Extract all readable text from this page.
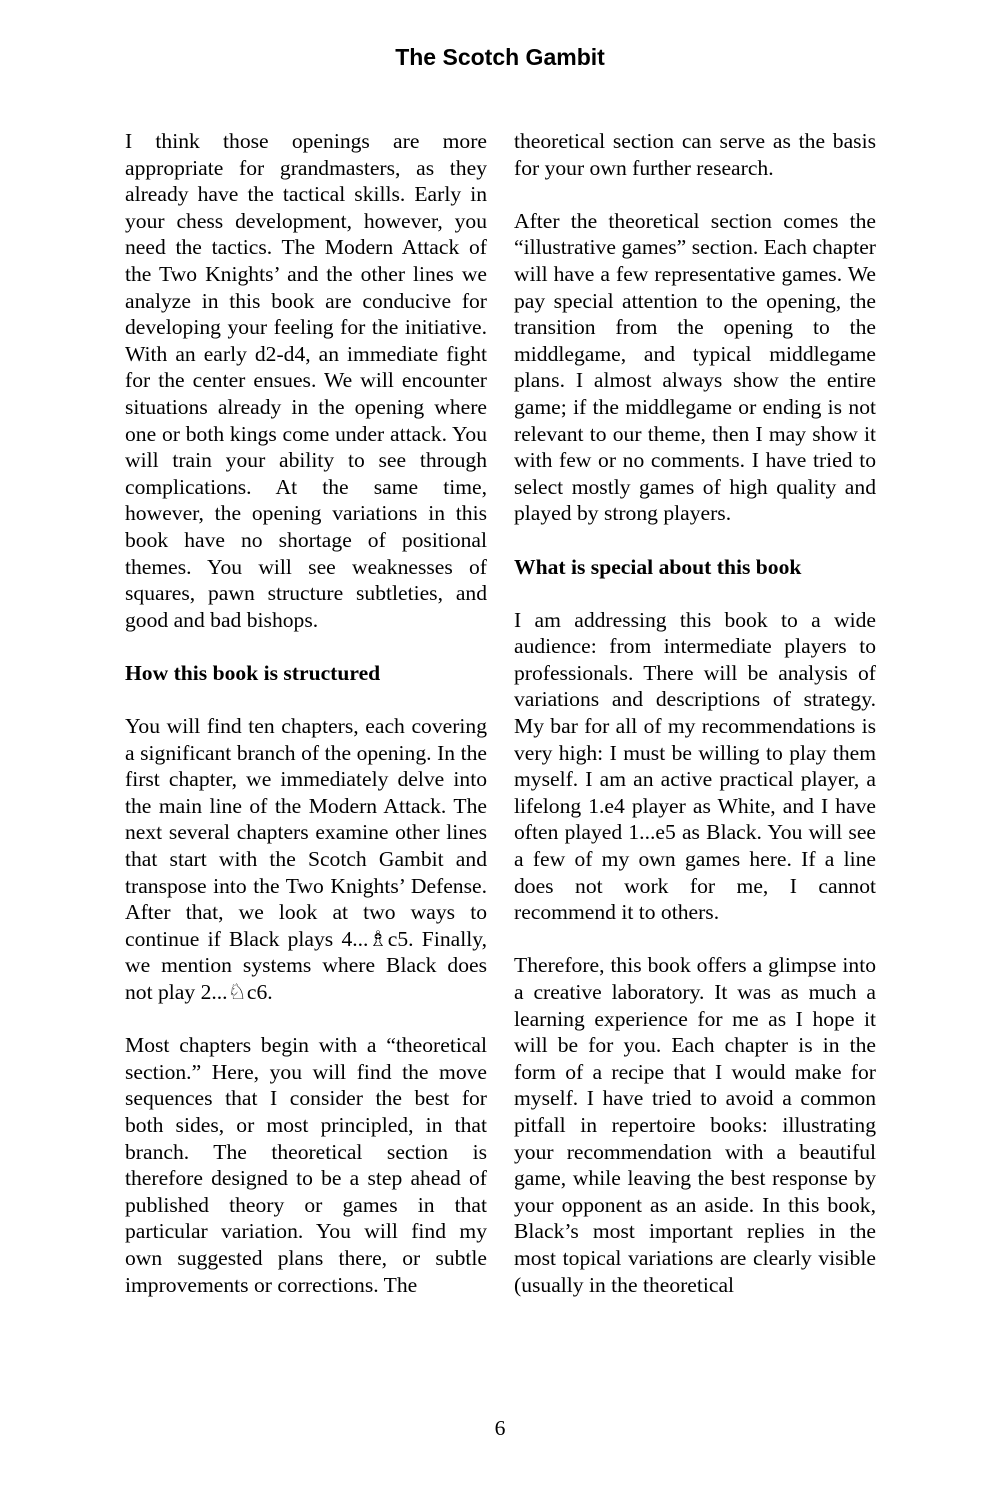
The Scotch Gambit

I think those openings are more appropriate for grandmasters, as they already have the tactical skills. Early in your chess development, however, you need the tactics. The Modern Attack of the Two Knights’ and the other lines we analyze in this book are conducive for developing your feeling for the initiative. With an early d2-d4, an immediate fight for the center ensues. We will encounter situations already in the opening where one or both kings come under attack. You will train your ability to see through complications. At the same time, however, the opening variations in this book have no shortage of positional themes. You will see weaknesses of squares, pawn structure subtleties, and good and bad bishops.

How this book is structured

You will find ten chapters, each covering a significant branch of the opening. In the first chapter, we immediately delve into the main line of the Modern Attack. The next several chapters examine other lines that start with the Scotch Gambit and transpose into the Two Knights’ Defense. After that, we look at two ways to continue if Black plays 4...♗c5. Finally, we mention systems where Black does not play 2...♘c6.

Most chapters begin with a “theoretical section.” Here, you will find the move sequences that I consider the best for both sides, or most principled, in that branch. The theoretical section is therefore designed to be a step ahead of published theory or games in that particular variation. You will find my own suggested plans there, or subtle improvements or corrections. The

theoretical section can serve as the basis for your own further research.

After the theoretical section comes the “illustrative games” section. Each chapter will have a few representative games. We pay special attention to the opening, the transition from the opening to the middlegame, and typical middlegame plans. I almost always show the entire game; if the middlegame or ending is not relevant to our theme, then I may show it with few or no comments. I have tried to select mostly games of high quality and played by strong players.

What is special about this book

I am addressing this book to a wide audience: from intermediate players to professionals. There will be analysis of variations and descriptions of strategy. My bar for all of my recommendations is very high: I must be willing to play them myself. I am an active practical player, a lifelong 1.e4 player as White, and I have often played 1...e5 as Black. You will see a few of my own games here. If a line does not work for me, I cannot recommend it to others.

Therefore, this book offers a glimpse into a creative laboratory. It was as much a learning experience for me as I hope it will be for you. Each chapter is in the form of a recipe that I would make for myself. I have tried to avoid a common pitfall in repertoire books: illustrating your recommendation with a beautiful game, while leaving the best response by your opponent as an aside. In this book, Black’s most important replies in the most topical variations are clearly visible (usually in the theoretical

6
